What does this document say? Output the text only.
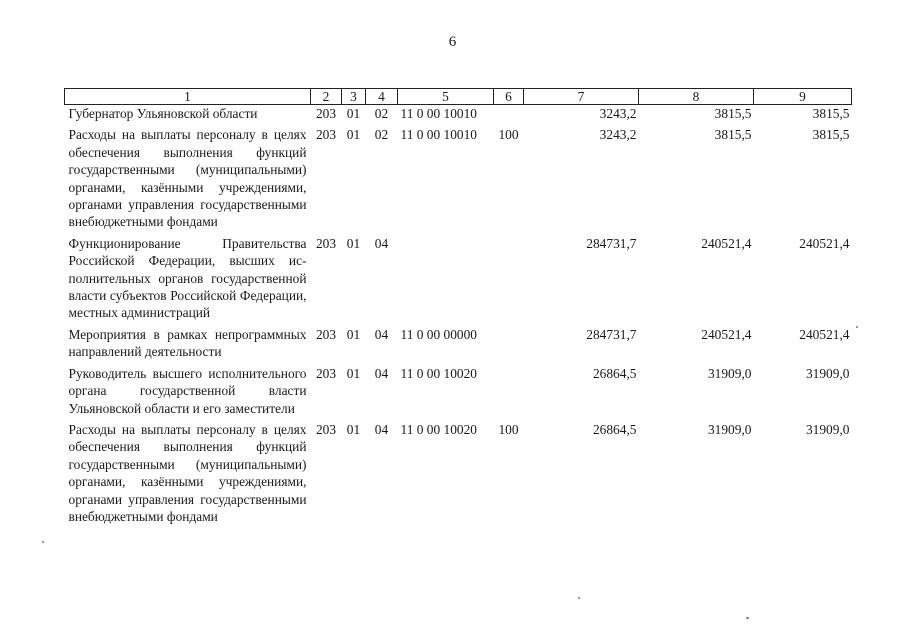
6
1	2	3	4	5	6	7	8	9
Губернатор Ульяновской области	203	01	02	11 0 00 10010		3243,2	3815,5	3815,5
Расходы на выплаты персоналу в целях обеспечения выполнения функций государственными (муниципальными) органами, казёнными учреждениями, органами управления государственными внебюджетными фондами	203	01	02	11 0 00 10010	100	3243,2	3815,5	3815,5
Функционирование Правительства Российской Федерации, высших исполнительных органов государственной власти субъектов Российской Федерации, местных администраций	203	01	04			284731,7	240521,4	240521,4
Мероприятия в рамках непрограммных направлений деятельности	203	01	04	11 0 00 00000		284731,7	240521,4	240521,4
Руководитель высшего исполнительного органа государственной власти Ульяновской области и его заместители	203	01	04	11 0 00 10020		26864,5	31909,0	31909,0
Расходы на выплаты персоналу в целях обеспечения выполнения функций государственными (муниципальными) органами, казёнными учреждениями, органами управления государственными внебюджетными фондами	203	01	04	11 0 00 10020	100	26864,5	31909,0	31909,0
